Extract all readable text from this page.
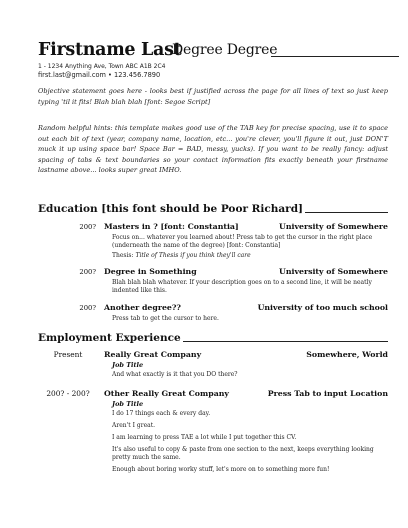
Firstname Last
Degree Degree
1 - 1234 Anything Ave, Town ABC A1B 2C4
first.last@gmail.com • 123.456.7890
Objective statement goes here - looks best if justified across the page for all lines of text so just keep typing 'til it fits! Blah blah blah [font: Segoe Script]
Random helpful hints: this template makes good use of the TAB key for precise spacing, use it to space out each bit of text (year, company name, location, etc... you're clever, you'll figure it out, just DON'T muck it up using space bar! Space Bar = BAD, messy, yucks). If you want to be really fancy: adjust spacing of tabs & text boundaries so your contact information fits exactly beneath your firstname lastname above... looks super great IMHO.
Education [this font should be Poor Richard]
200? Masters in ? [font: Constantia]	University of Somewhere
Focus on... whatever you learned about! Press tab to get the cursor in the right place (underneath the name of the degree) [font: Constantia]
Thesis: Title of Thesis if you think they'll care
200? Degree in Something	University of Somewhere
Blah blah blah whatever. If your description goes on to a second line, it will be neatly indented like this.
200? Another degree??	University of too much school
Press tab to get the cursor to here.
Employment Experience
Present	Really Great Company	Somewhere, World
Job Title
And what exactly is it that you DO there?
200? - 200?	Other Really Great Company	Press Tab to input Location
Job Title
I do 17 things each & every day.
Aren't I great.
I am learning to press TAE a lot while I put together this CV.
It's also useful to copy & paste from one section to the next, keeps everything looking pretty much the same.
Enough about boring worky stuff, let's more on to something more fun!
